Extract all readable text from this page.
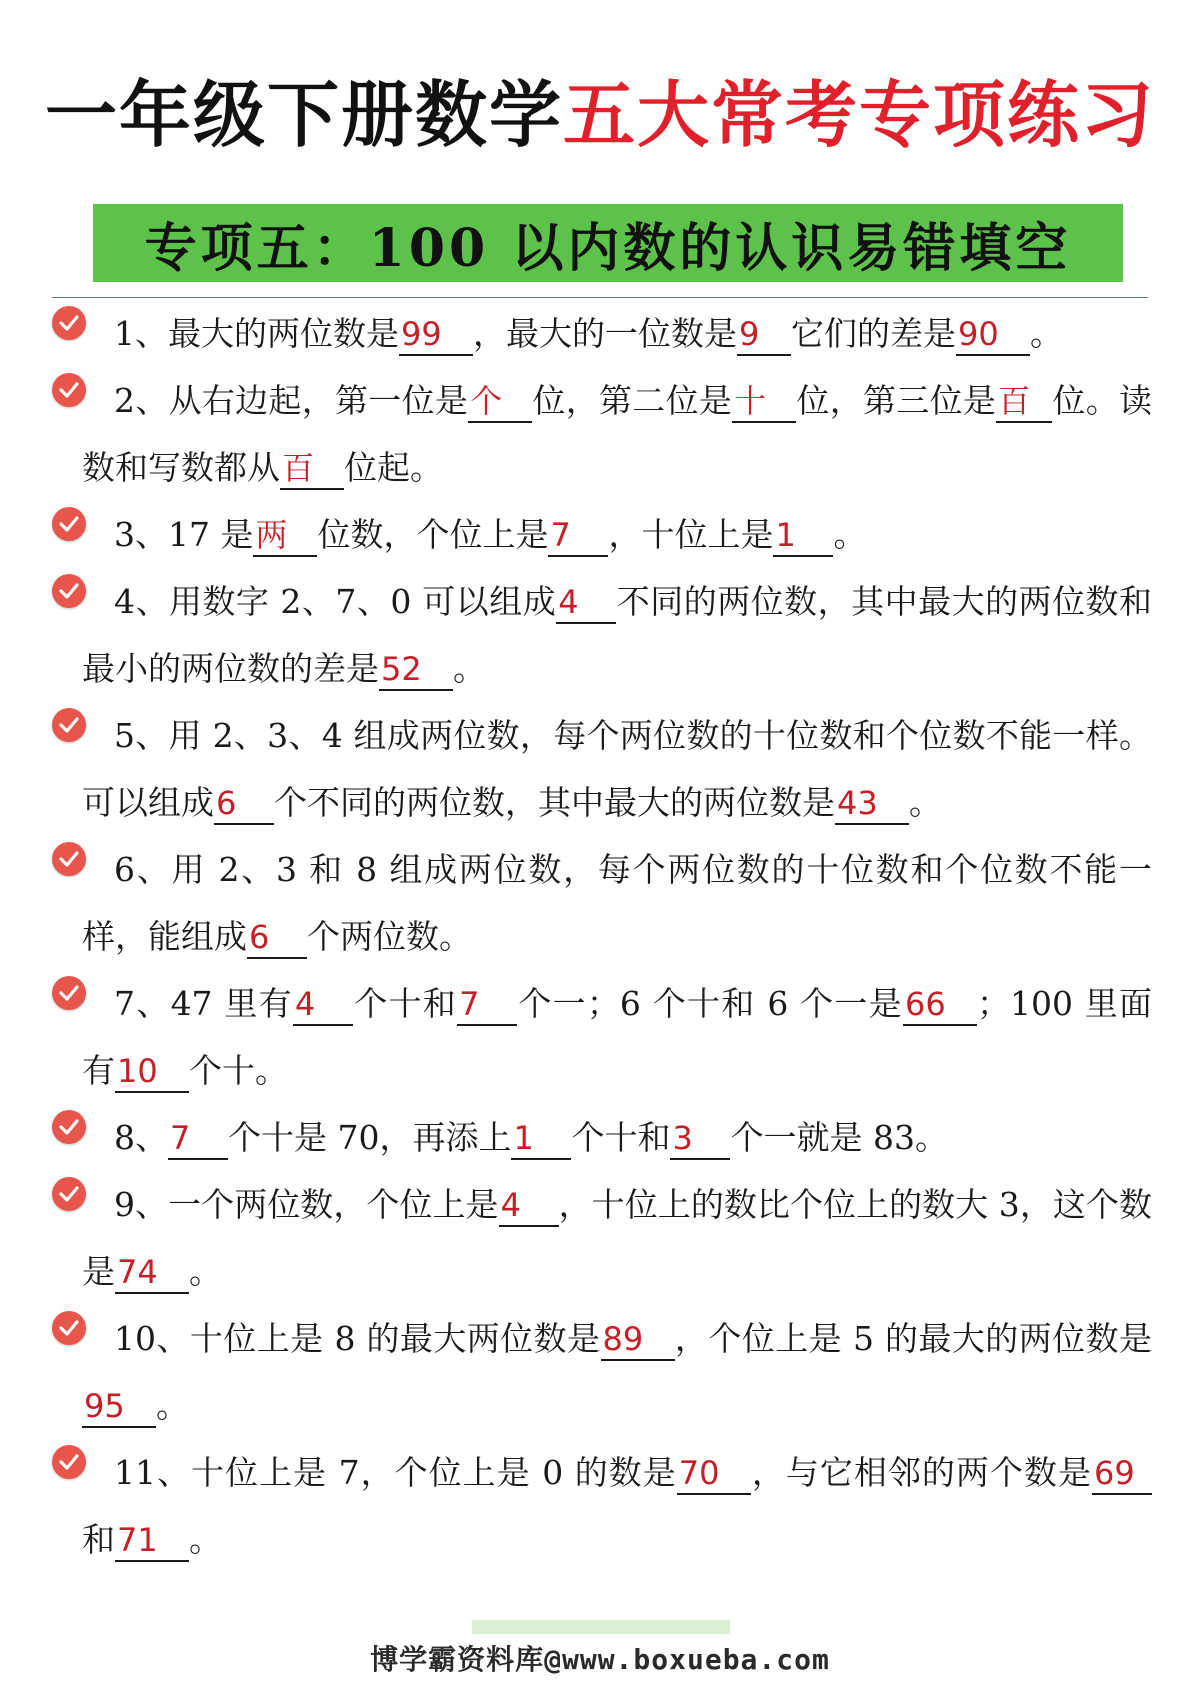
一年级下册数学五大常考专项练习
专项五：100 以内数的认识易错填空
1、最大的两位数是99 ，最大的一位数是9 它们的差是90 。
2、从右边起，第一位是个 位，第二位是十 位，第三位是百 位。读数和写数都从百 位起。
3、17 是两 位数，个位上是7 ，十位上是1 。
4、用数字 2、7、0 可以组成4 不同的两位数，其中最大的两位数和最小的两位数的差是52 。
5、用 2、3、4 组成两位数，每个两位数的十位数和个位数不能一样。可以组成6 个不同的两位数，其中最大的两位数是43 。
6、用 2、3 和 8 组成两位数，每个两位数的十位数和个位数不能一样，能组成6 个两位数。
7、47 里有4 个十和7 个一；6 个十和 6 个一是66 ；100 里面有10 个十。
8、7 个十是 70，再添上1 个十和3 个一就是 83。
9、一个两位数，个位上是4 ，十位上的数比个位上的数大 3，这个数是74 。
10、十位上是 8 的最大两位数是89 ，个位上是 5 的最大的两位数是95 。
11、十位上是 7，个位上是 0 的数是70 ，与它相邻的两个数是69和71 。
博学霸资料库@www.boxueba.com
